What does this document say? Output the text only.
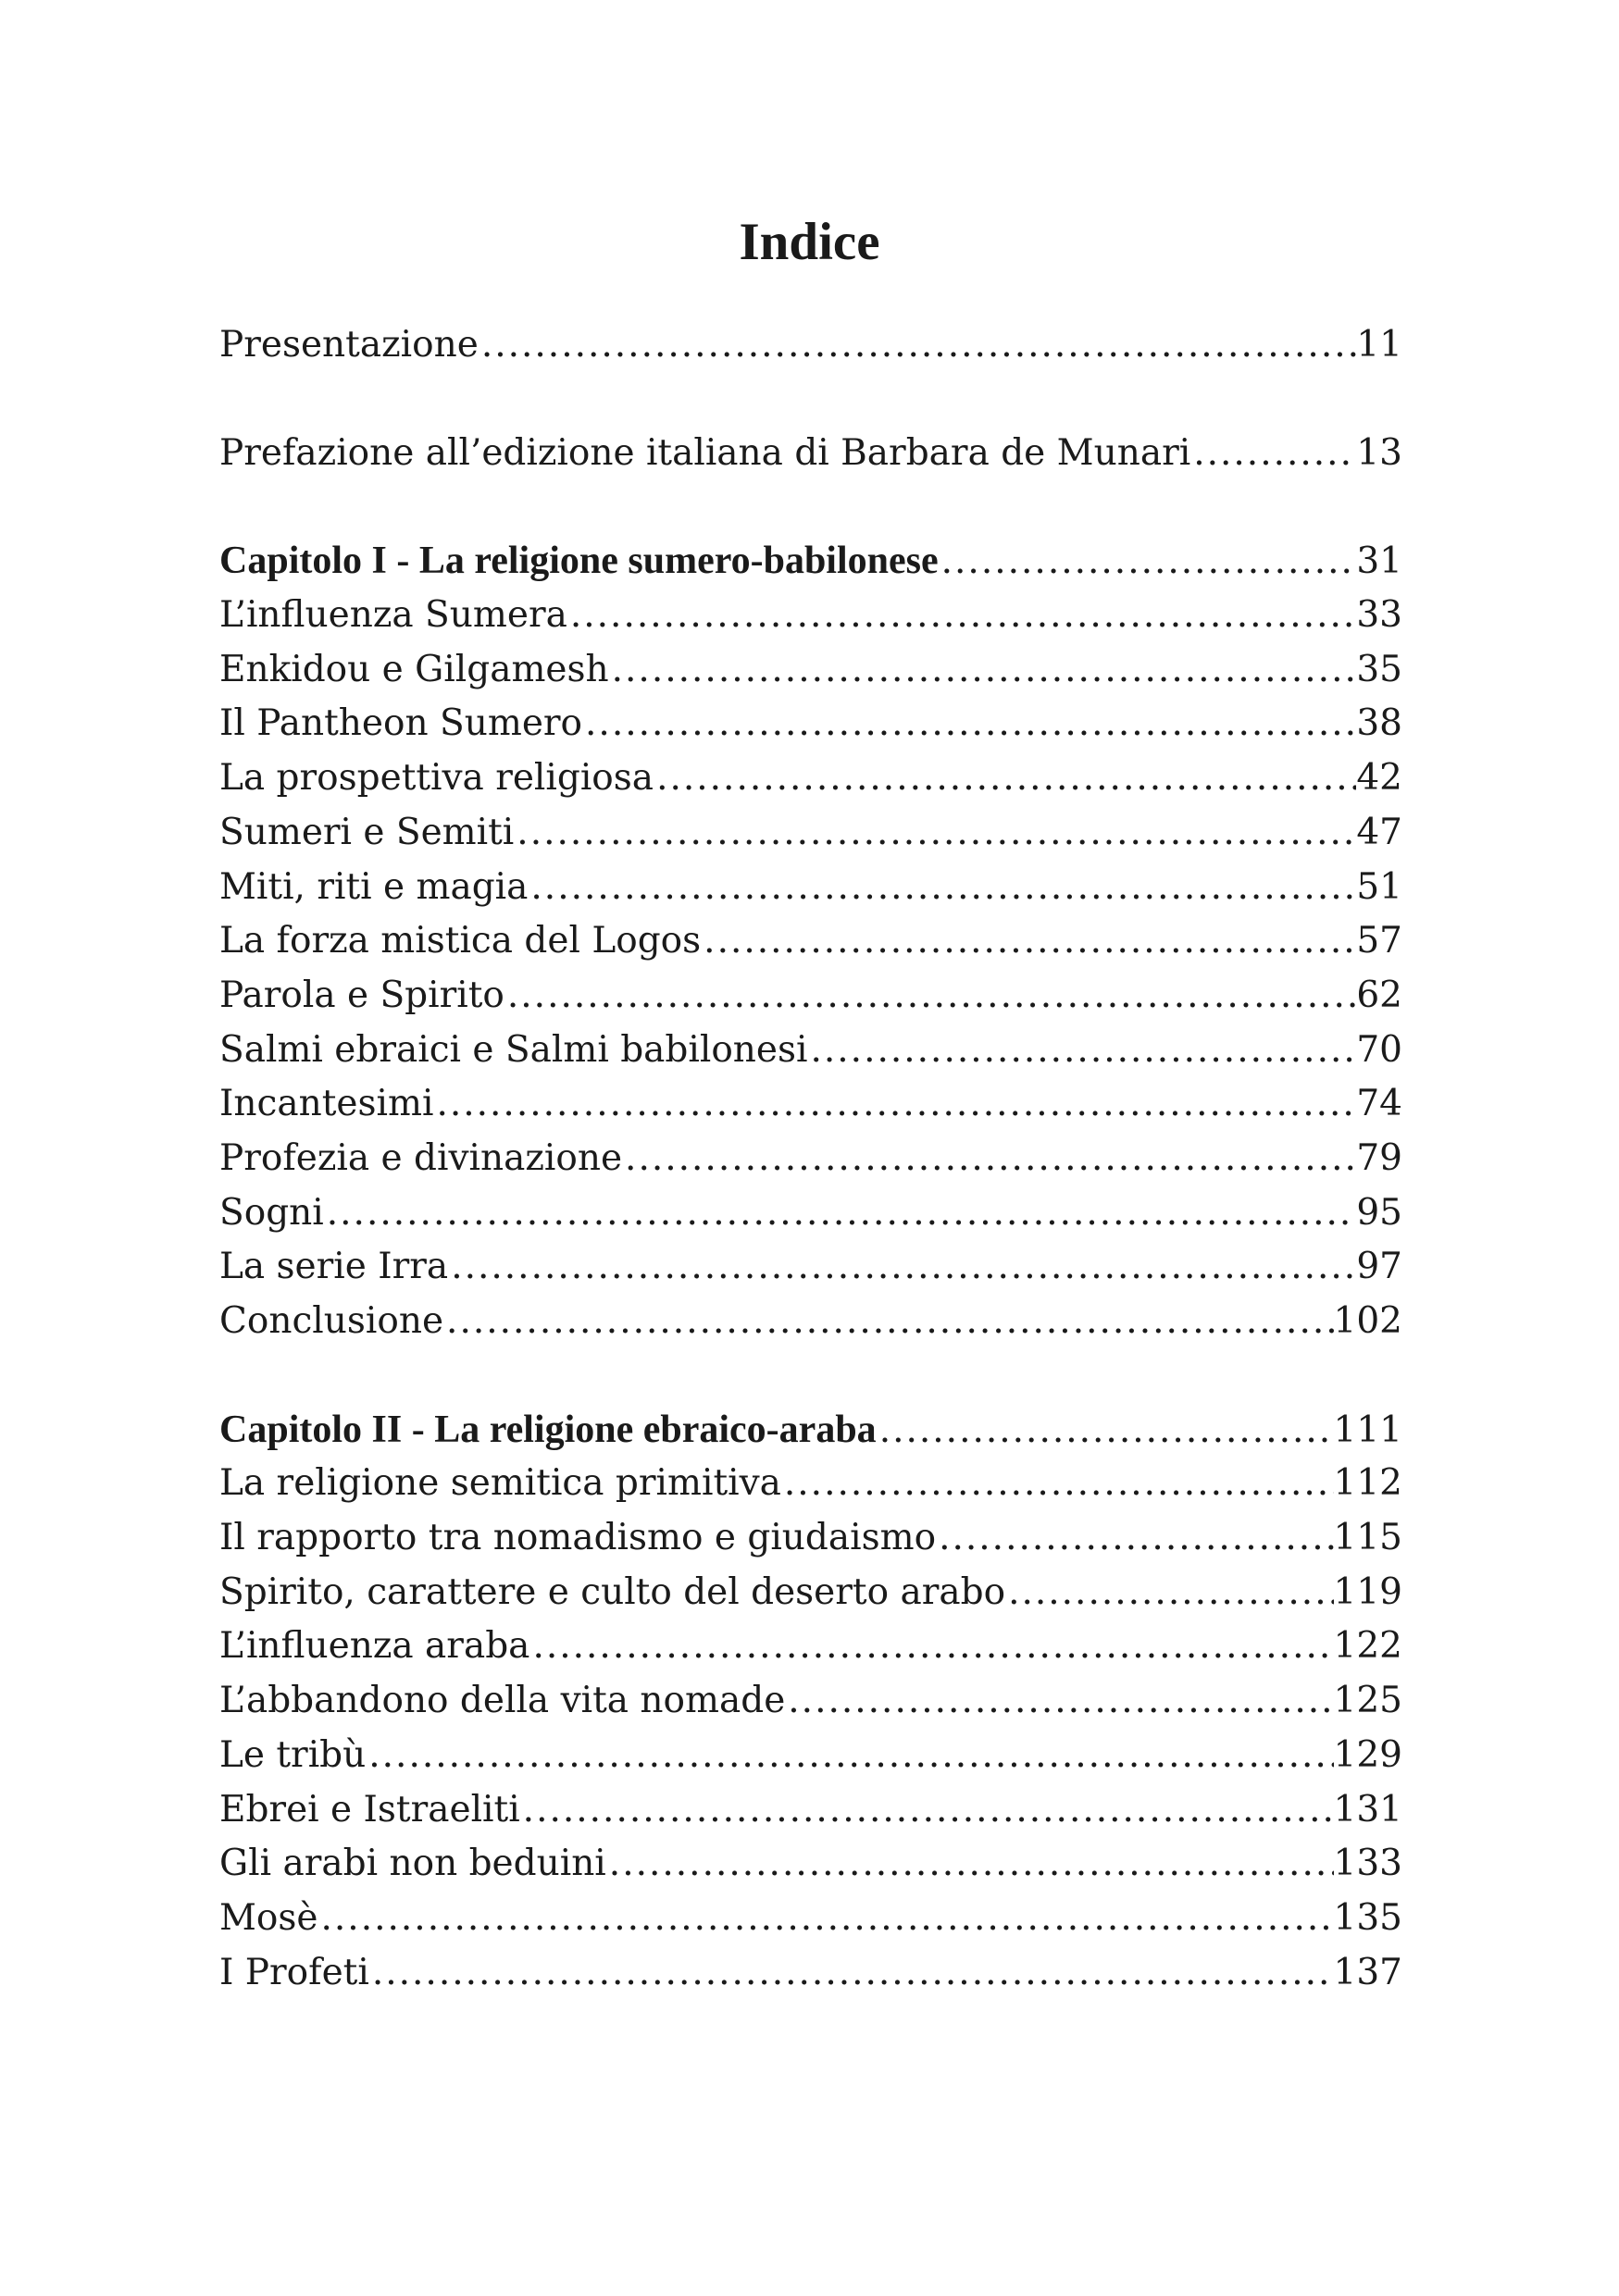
Indice
Presentazione .....	11
Prefazione all’edizione italiana di Barbara de Munari .....	13
Capitolo I - La religione sumero-babilonese .....	31
L’influenza Sumera .....	33
Enkidou e Gilgamesh .....	35
Il Pantheon Sumero .....	38
La prospettiva religiosa .....	42
Sumeri e Semiti .....	47
Miti, riti e magia .....	51
La forza mistica del Logos .....	57
Parola e Spirito .....	62
Salmi ebraici e Salmi babilonesi .....	70
Incantesimi .....	74
Profezia e divinazione .....	79
Sogni .....	95
La serie Irra .....	97
Conclusione .....	102
Capitolo II - La religione ebraico-araba .....	111
La religione semitica primitiva .....	112
Il rapporto tra nomadismo e giudaismo .....	115
Spirito, carattere e culto del deserto arabo .....	119
L’influenza araba .....	122
L’abbandono della vita nomade .....	125
Le tribù .....	129
Ebrei e Istraeliti .....	131
Gli arabi non beduini .....	133
Mosè .....	135
I Profeti .....	137
